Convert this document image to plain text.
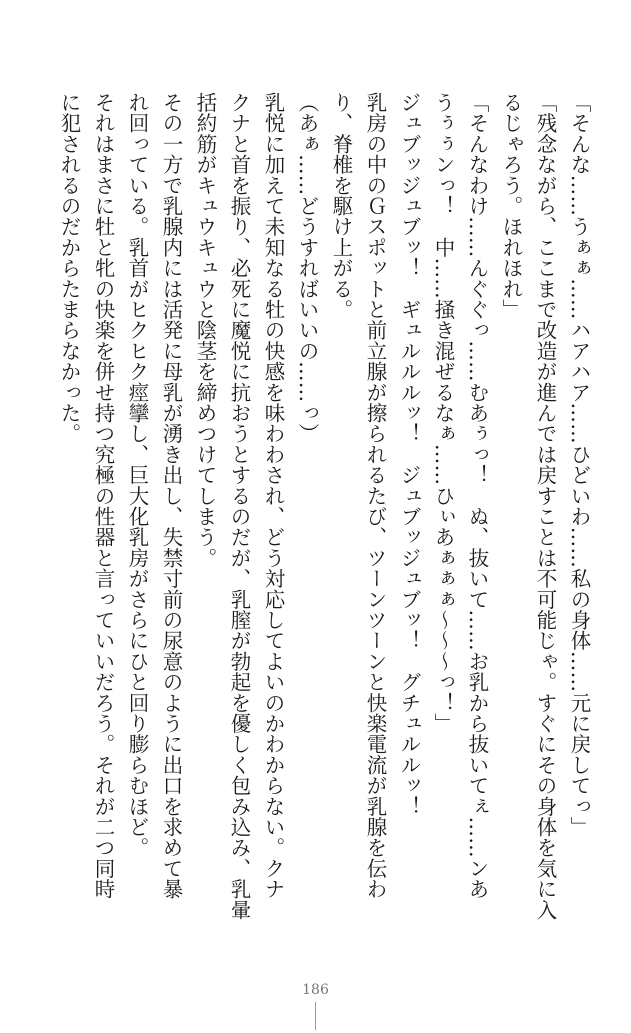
「そんな……うぁぁ……ハアハア……ひどいわ……私の身体……元に戻してっ」

「残念ながら、ここまで改造が進んでは戻すことは不可能じゃ。すぐにその身体を気に入

るじゃろう。ほれほれ」

「そんなわけ……んぐぐっ……むあぅっ！　ぬ、抜いて……お乳から抜いてぇ……ンあ

うぅぅンっ！　中……掻き混ぜるなぁ……ひぃあぁぁぁ〜〜〜っ！」

ジュブッジュブッ！　ギュルルルッ！　ジュブッジュブッ！　グチュルルッ！

乳房の中のＧスポットと前立腺が擦られるたび、ツーンツーンと快楽電流が乳腺を伝わ

り、脊椎を駆け上がる。

（あぁ……どうすればいいの……っ）

乳悦に加えて未知なる牡の快感を味わわされ、どう対応してよいのかわからない。クナ

クナと首を振り、必死に魔悦に抗おうとするのだが、乳膣が勃起を優しく包み込み、乳暈

括約筋がキュウキュウと陰茎を締めつけてしまう。

その一方で乳腺内には活発に母乳が湧き出し、失禁寸前の尿意のように出口を求めて暴

れ回っている。乳首がヒクヒク痙攣し、巨大化乳房がさらにひと回り膨らむほど。

それはまさに牡と牝の快楽を併せ持つ究極の性器と言っていいだろう。それが二つ同時

に犯されるのだからたまらなかった。

186
